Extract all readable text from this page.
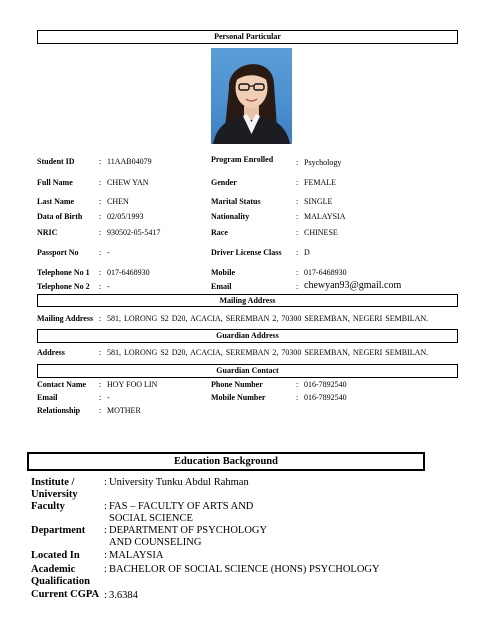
Personal Particular
Student ID	: 11AAB04079	Program Enrolled	: Psychology
Full Name	: CHEW YAN	Gender	: FEMALE
Last Name	: CHEN	Marital Status	: SINGLE
Data of Birth : 02/05/1993	Nationality	: MALAYSIA
NRIC	: 930502-05-5417	Race	: CHINESE
Passport No	: -	Driver License Class : D
Telephone No 1 : 017-6468930	Mobile	: 017-6468930
Telephone No 2 : -	Email	: chewyan93@gmail.com
Mailing Address
Mailing Address : 581, LORONG S2 D20, ACACIA, SEREMBAN 2, 70300 SEREMBAN, NEGERI SEMBILAN.
Guardian Address
Address	: 581, LORONG S2 D20, ACACIA, SEREMBAN 2, 70300 SEREMBAN, NEGERI SEMBILAN.
Guardian Contact
Contact Name : HOY FOO LIN	Phone Number	: 016-7892540
Email	: -	Mobile Number	: 016-7892540
Relationship : MOTHER
Education Background
Institute /
University
: University Tunku Abdul Rahman
Faculty	: FAS – FACULTY OF ARTS AND
SOCIAL SCIENCE
Department : DEPARTMENT OF PSYCHOLOGY
AND COUNSELING
Located In : MALAYSIA
Academic
Qualification
: BACHELOR OF SOCIAL SCIENCE (HONS) PSYCHOLOGY
Current CGPA : 3.6384
